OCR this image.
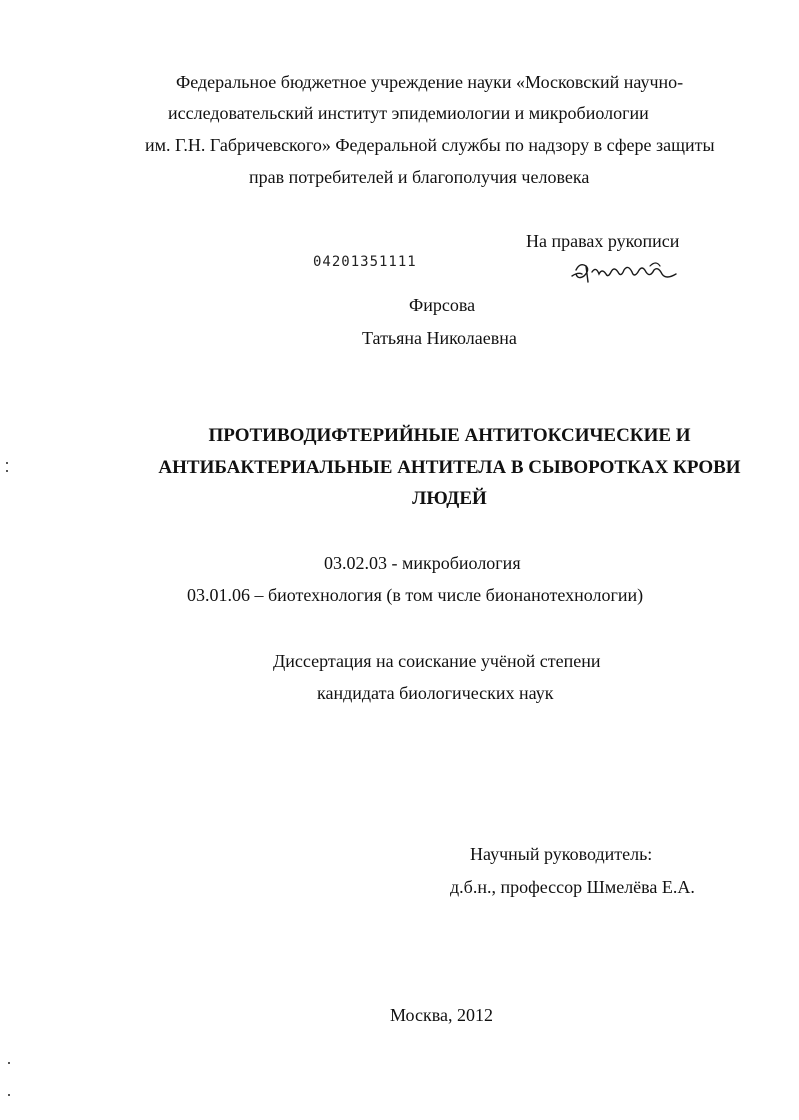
Федеральное бюджетное учреждение науки «Московский научно-
исследовательский институт эпидемиологии и микробиологии
им. Г.Н. Габричевского» Федеральной службы по надзору в сфере защиты
прав потребителей и благополучия человека
На правах рукописи
04201351111
Фирсова
Татьяна Николаевна
ПРОТИВОДИФТЕРИЙНЫЕ АНТИТОКСИЧЕСКИЕ И
АНТИБАКТЕРИАЛЬНЫЕ АНТИТЕЛА В СЫВОРОТКАХ КРОВИ
ЛЮДЕЙ
03.02.03 - микробиология
03.01.06 – биотехнология (в том числе бионанотехнологии)
Диссертация на соискание учёной степени
кандидата биологических наук
Научный руководитель:
д.б.н., профессор Шмелёва Е.А.
Москва, 2012
